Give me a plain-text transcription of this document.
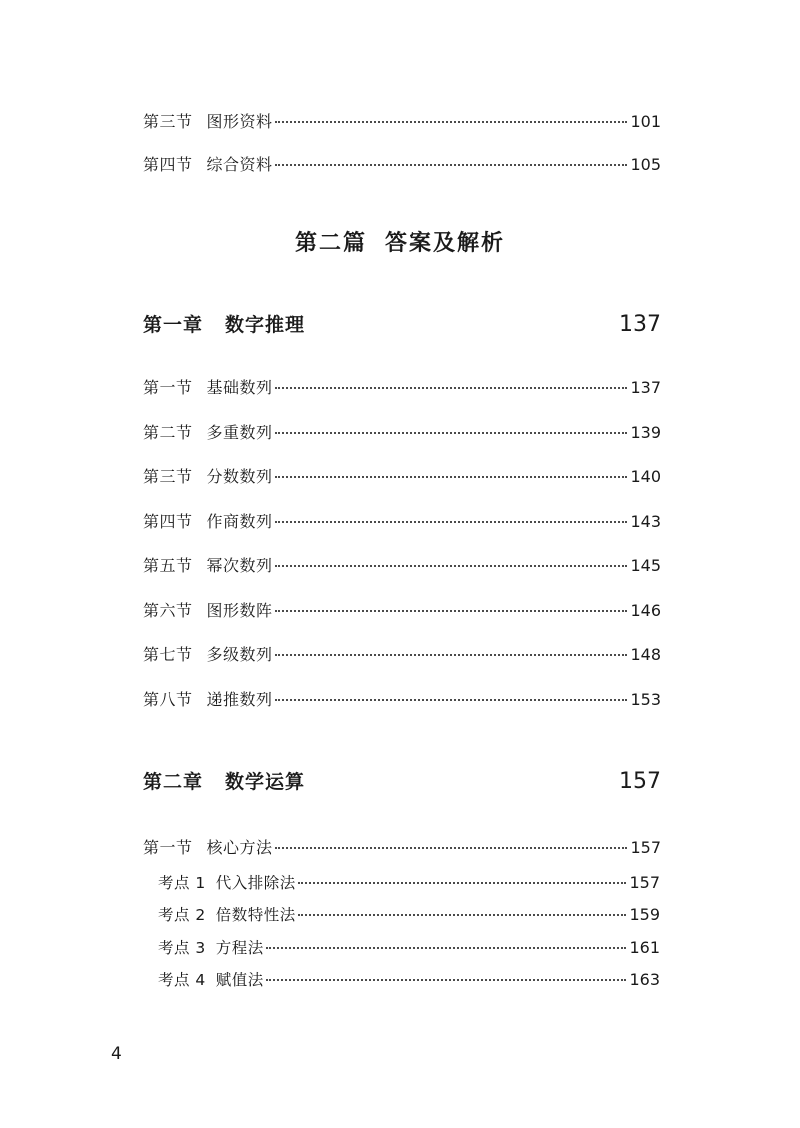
第三节 图形资料	101
第四节 综合资料	105
第二篇 答案及解析
第一章 数字推理	137
第一节 基础数列	137
第二节 多重数列	139
第三节 分数数列	140
第四节 作商数列	143
第五节 幂次数列	145
第六节 图形数阵	146
第七节 多级数列	148
第八节 递推数列	153
第二章 数学运算	157
第一节 核心方法	157
考点 1 代入排除法	157
考点 2 倍数特性法	159
考点 3 方程法	161
考点 4 赋值法	163
4
